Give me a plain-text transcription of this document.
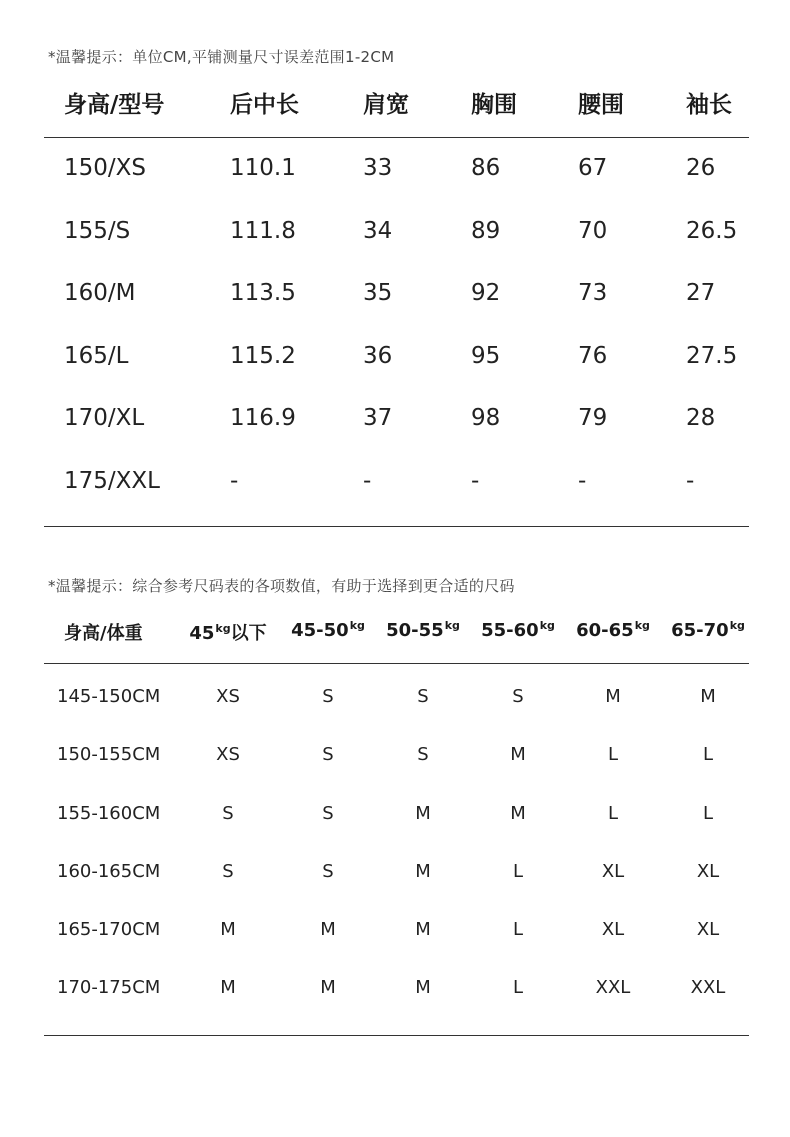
*温馨提示：单位CM,平铺测量尺寸误差范围1-2CM
身高/型号	后中长	肩宽	胸围	腰围	袖长
150/XS	110.1	33	86	67	26
155/S	111.8	34	89	70	26.5
160/M	113.5	35	92	73	27
165/L	115.2	36	95	76	27.5
170/XL	116.9	37	98	79	28
175/XXL	-	-	-	-	-
*温馨提示：综合参考尺码表的各项数值，有助于选择到更合适的尺码
身高/体重	$45^{kg}$以下	$45-50^{kg}$	$50-55^{kg}$	$55-60^{kg}$	$60-65^{kg}$	$65-70^{kg}$
145-150CM	XS	S	S	S	M	M
150-155CM	XS	S	S	M	L	L
155-160CM	S	S	M	M	L	L
160-165CM	S	S	M	L	XL	XL
165-170CM	M	M	M	L	XL	XL
170-175CM	M	M	M	L	XXL	XXL
